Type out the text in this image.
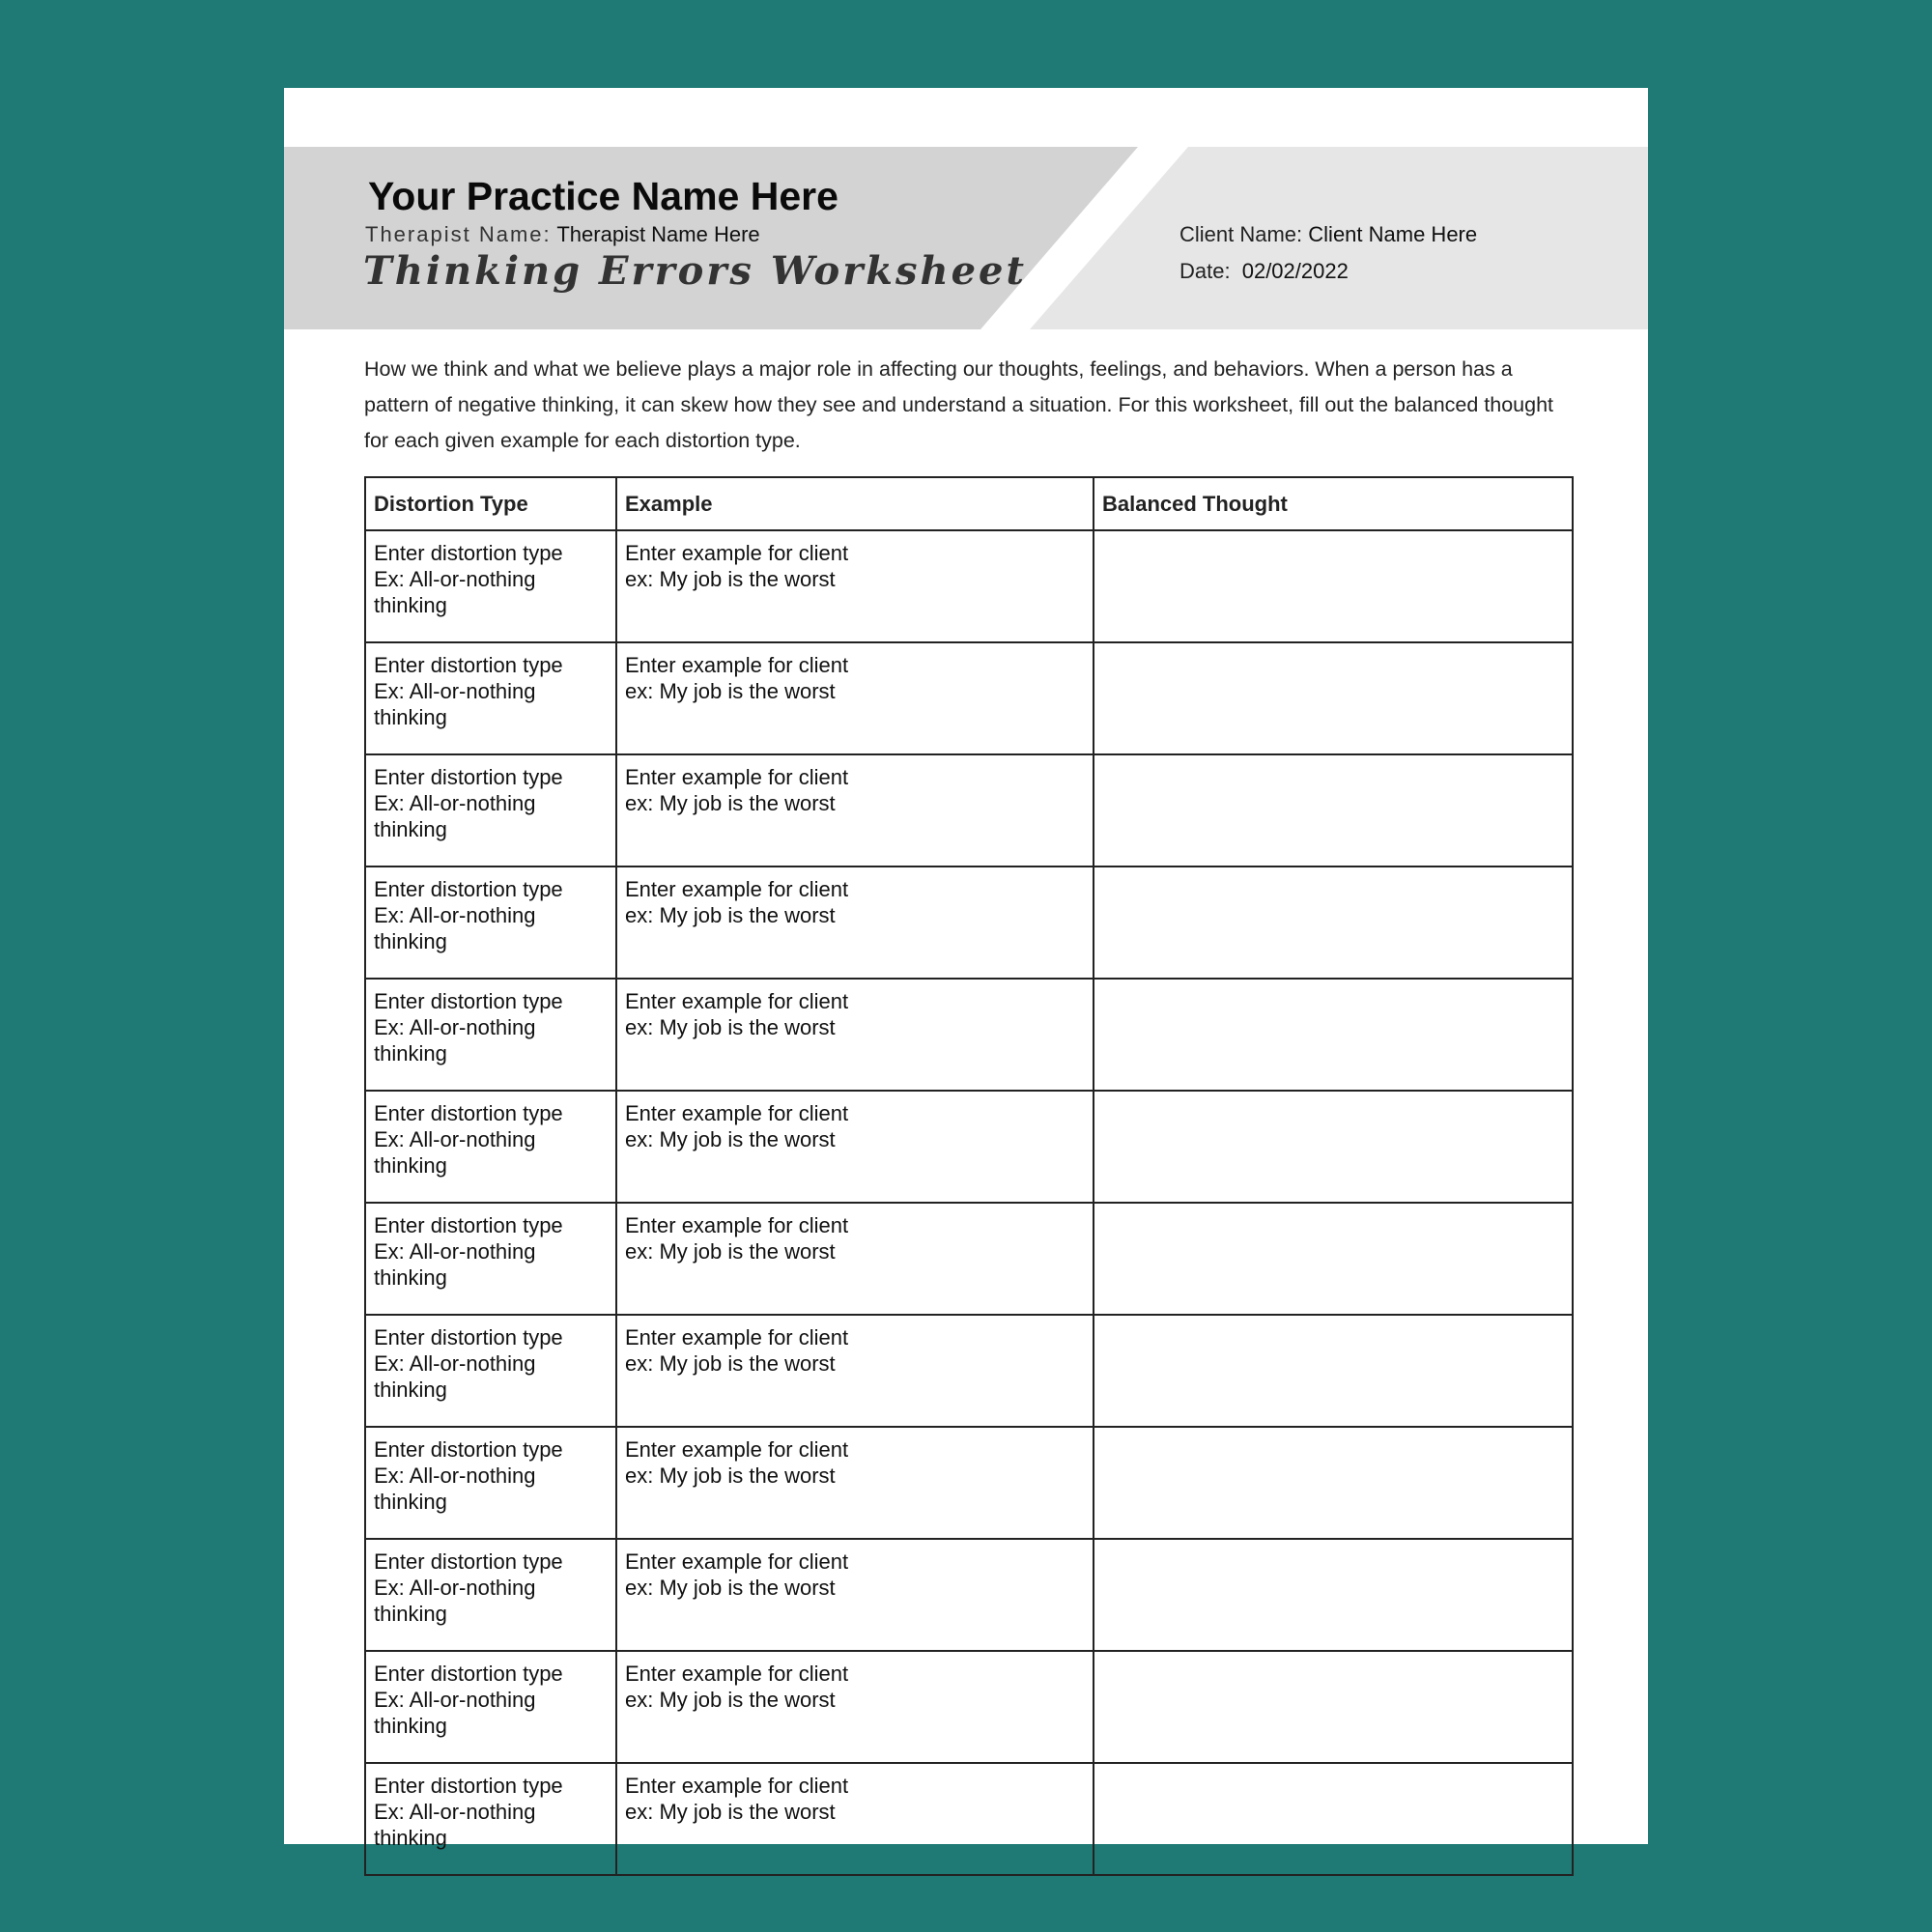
Your Practice Name Here
Therapist Name: Therapist Name Here
Thinking Errors Worksheet
Client Name: Client Name Here
Date: 02/02/2022

How we think and what we believe plays a major role in affecting our thoughts, feelings, and behaviors. When a person has a pattern of negative thinking, it can skew how they see and understand a situation. For this worksheet, fill out the balanced thought for each given example for each distortion type.

Distortion Type	Example	Balanced Thought

Enter distortion type
Ex: All-or-nothing
thinking	Enter example for client
ex: My job is the worst	

Enter distortion type
Ex: All-or-nothing
thinking	Enter example for client
ex: My job is the worst	

Enter distortion type
Ex: All-or-nothing
thinking	Enter example for client
ex: My job is the worst	

Enter distortion type
Ex: All-or-nothing
thinking	Enter example for client
ex: My job is the worst	

Enter distortion type
Ex: All-or-nothing
thinking	Enter example for client
ex: My job is the worst	

Enter distortion type
Ex: All-or-nothing
thinking	Enter example for client
ex: My job is the worst	

Enter distortion type
Ex: All-or-nothing
thinking	Enter example for client
ex: My job is the worst	

Enter distortion type
Ex: All-or-nothing
thinking	Enter example for client
ex: My job is the worst	

Enter distortion type
Ex: All-or-nothing
thinking	Enter example for client
ex: My job is the worst	

Enter distortion type
Ex: All-or-nothing
thinking	Enter example for client
ex: My job is the worst	

Enter distortion type
Ex: All-or-nothing
thinking	Enter example for client
ex: My job is the worst	

Enter distortion type
Ex: All-or-nothing
thinking	Enter example for client
ex: My job is the worst	
